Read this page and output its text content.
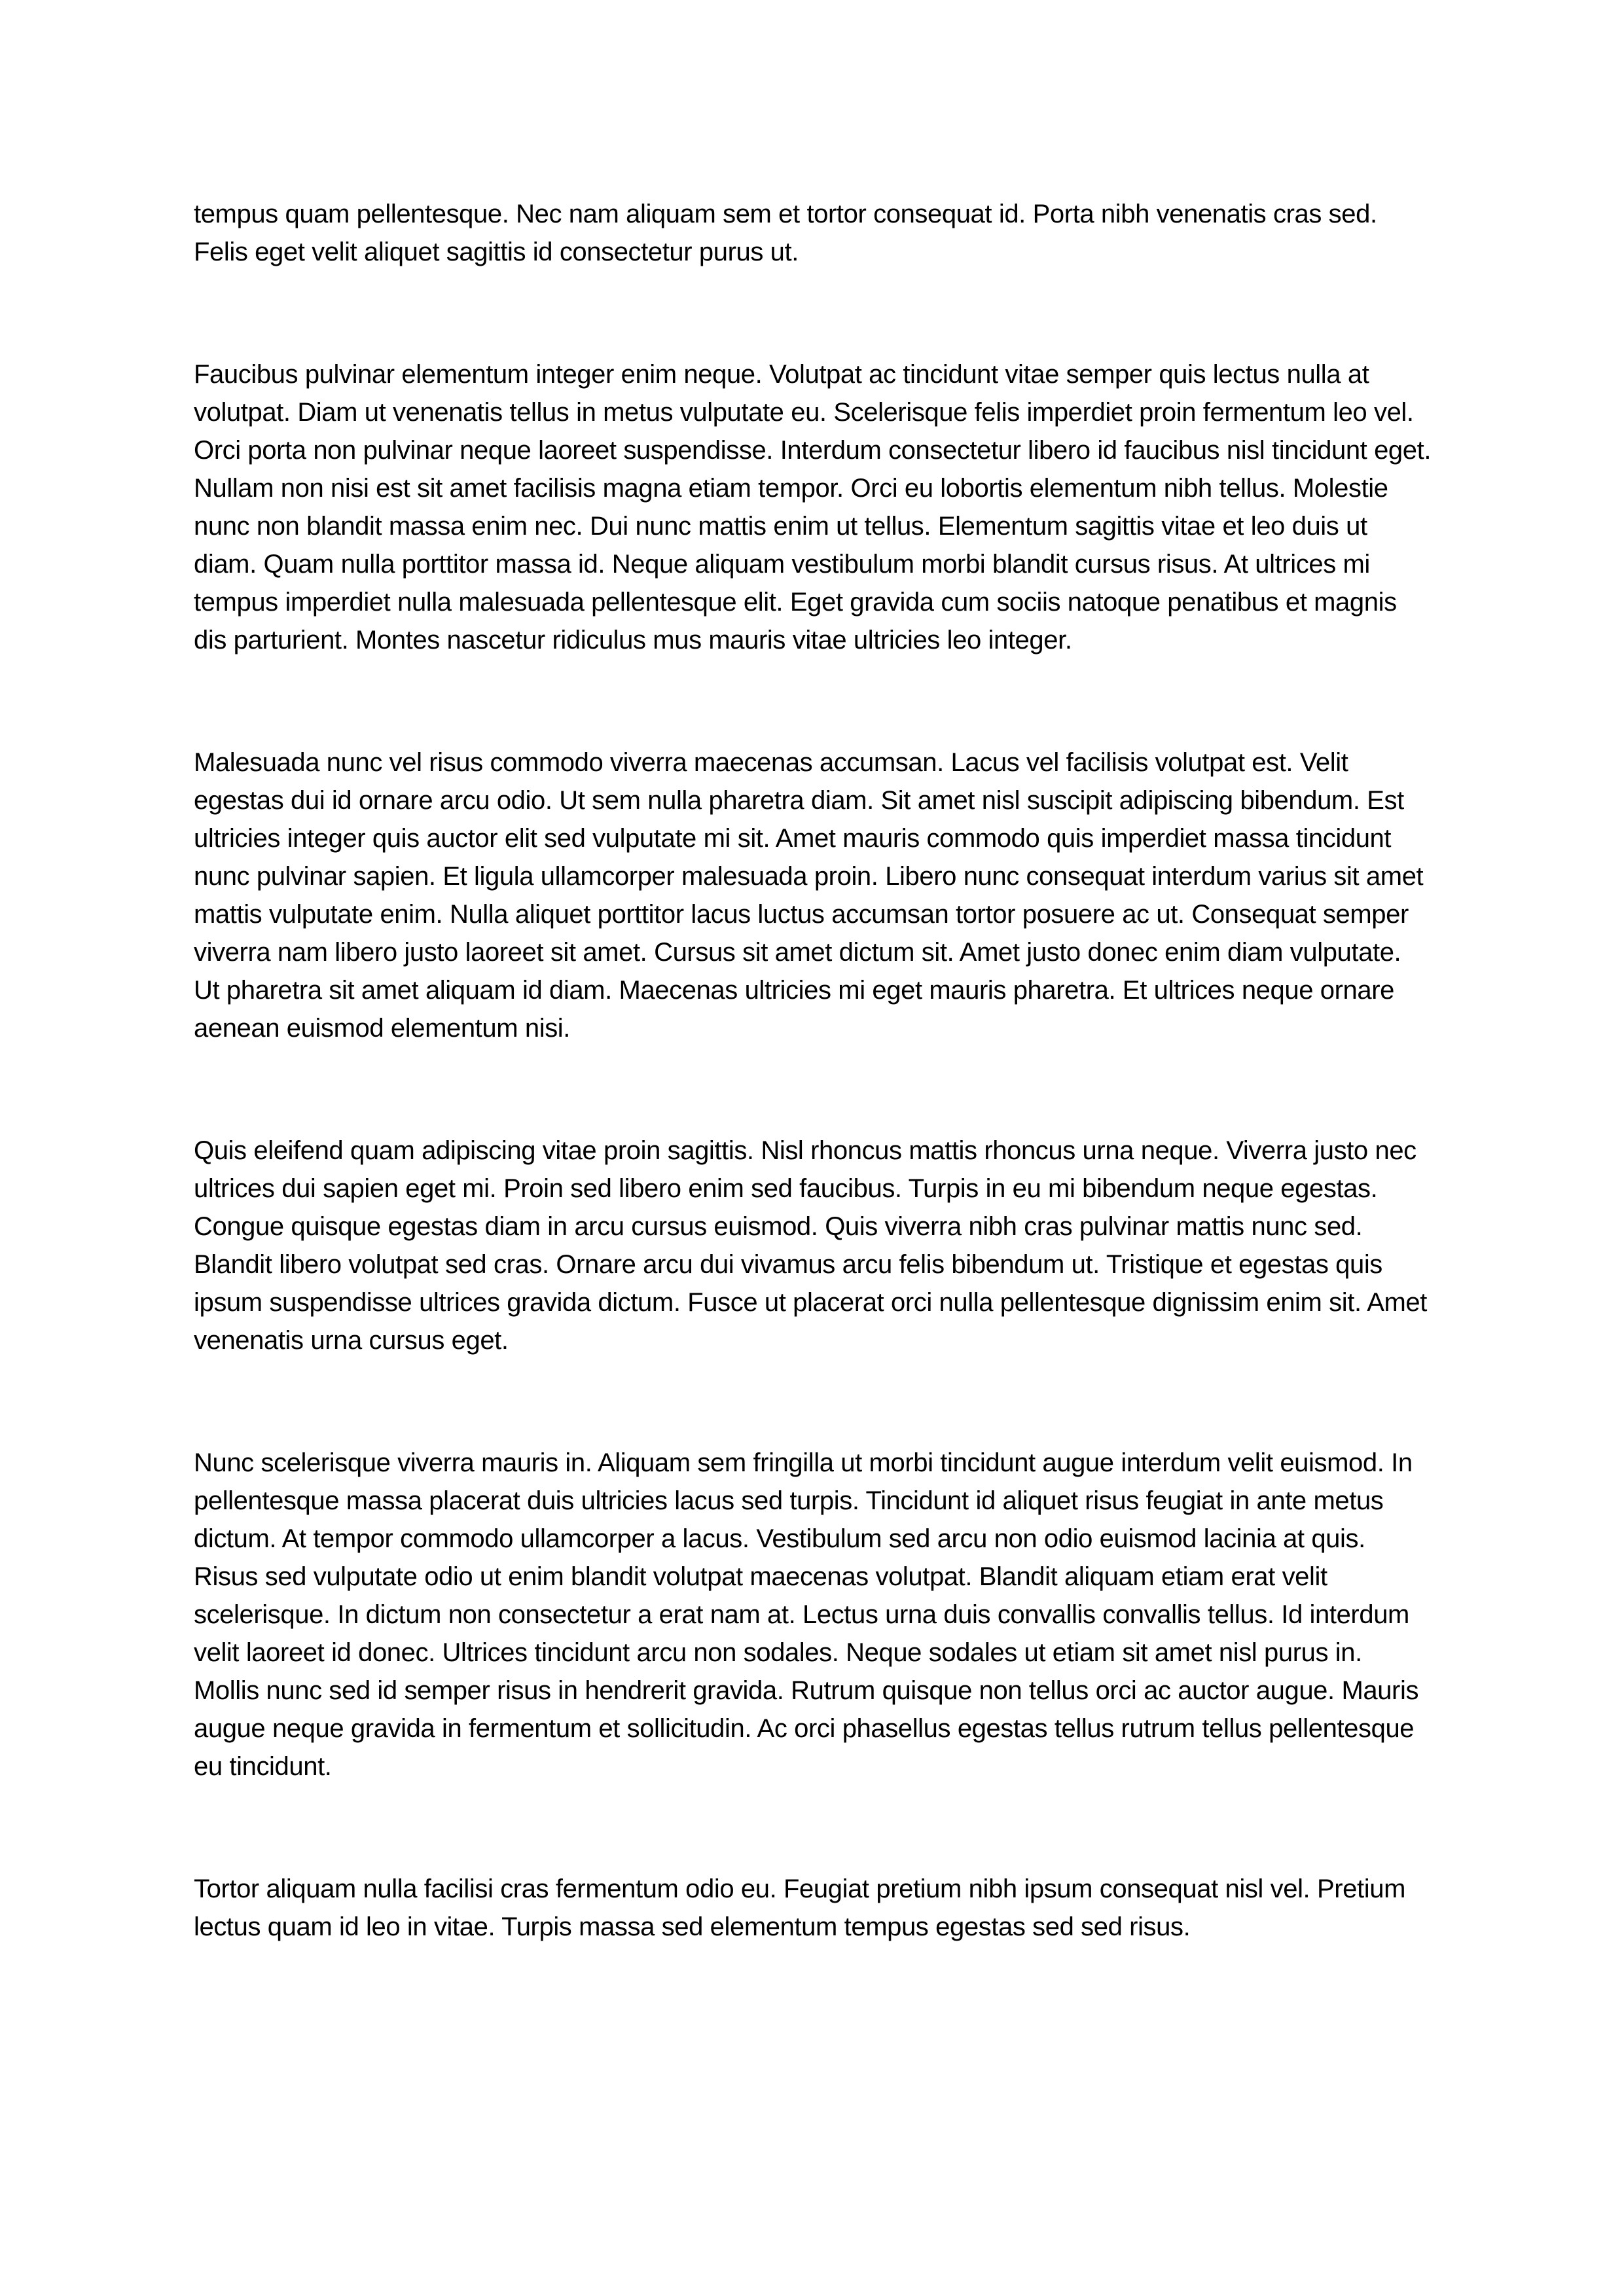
tempus quam pellentesque. Nec nam aliquam sem et tortor consequat id. Porta nibh venenatis cras sed. Felis eget velit aliquet sagittis id consectetur purus ut.

Faucibus pulvinar elementum integer enim neque. Volutpat ac tincidunt vitae semper quis lectus nulla at volutpat. Diam ut venenatis tellus in metus vulputate eu. Scelerisque felis imperdiet proin fermentum leo vel. Orci porta non pulvinar neque laoreet suspendisse. Interdum consectetur libero id faucibus nisl tincidunt eget. Nullam non nisi est sit amet facilisis magna etiam tempor. Orci eu lobortis elementum nibh tellus. Molestie nunc non blandit massa enim nec. Dui nunc mattis enim ut tellus. Elementum sagittis vitae et leo duis ut diam. Quam nulla porttitor massa id. Neque aliquam vestibulum morbi blandit cursus risus. At ultrices mi tempus imperdiet nulla malesuada pellentesque elit. Eget gravida cum sociis natoque penatibus et magnis dis parturient. Montes nascetur ridiculus mus mauris vitae ultricies leo integer.

Malesuada nunc vel risus commodo viverra maecenas accumsan. Lacus vel facilisis volutpat est. Velit egestas dui id ornare arcu odio. Ut sem nulla pharetra diam. Sit amet nisl suscipit adipiscing bibendum. Est ultricies integer quis auctor elit sed vulputate mi sit. Amet mauris commodo quis imperdiet massa tincidunt nunc pulvinar sapien. Et ligula ullamcorper malesuada proin. Libero nunc consequat interdum varius sit amet mattis vulputate enim. Nulla aliquet porttitor lacus luctus accumsan tortor posuere ac ut. Consequat semper viverra nam libero justo laoreet sit amet. Cursus sit amet dictum sit. Amet justo donec enim diam vulputate. Ut pharetra sit amet aliquam id diam. Maecenas ultricies mi eget mauris pharetra. Et ultrices neque ornare aenean euismod elementum nisi.

Quis eleifend quam adipiscing vitae proin sagittis. Nisl rhoncus mattis rhoncus urna neque. Viverra justo nec ultrices dui sapien eget mi. Proin sed libero enim sed faucibus. Turpis in eu mi bibendum neque egestas. Congue quisque egestas diam in arcu cursus euismod. Quis viverra nibh cras pulvinar mattis nunc sed. Blandit libero volutpat sed cras. Ornare arcu dui vivamus arcu felis bibendum ut. Tristique et egestas quis ipsum suspendisse ultrices gravida dictum. Fusce ut placerat orci nulla pellentesque dignissim enim sit. Amet venenatis urna cursus eget.

Nunc scelerisque viverra mauris in. Aliquam sem fringilla ut morbi tincidunt augue interdum velit euismod. In pellentesque massa placerat duis ultricies lacus sed turpis. Tincidunt id aliquet risus feugiat in ante metus dictum. At tempor commodo ullamcorper a lacus. Vestibulum sed arcu non odio euismod lacinia at quis. Risus sed vulputate odio ut enim blandit volutpat maecenas volutpat. Blandit aliquam etiam erat velit scelerisque. In dictum non consectetur a erat nam at. Lectus urna duis convallis convallis tellus. Id interdum velit laoreet id donec. Ultrices tincidunt arcu non sodales. Neque sodales ut etiam sit amet nisl purus in. Mollis nunc sed id semper risus in hendrerit gravida. Rutrum quisque non tellus orci ac auctor augue. Mauris augue neque gravida in fermentum et sollicitudin. Ac orci phasellus egestas tellus rutrum tellus pellentesque eu tincidunt.

Tortor aliquam nulla facilisi cras fermentum odio eu. Feugiat pretium nibh ipsum consequat nisl vel. Pretium lectus quam id leo in vitae. Turpis massa sed elementum tempus egestas sed sed risus.
